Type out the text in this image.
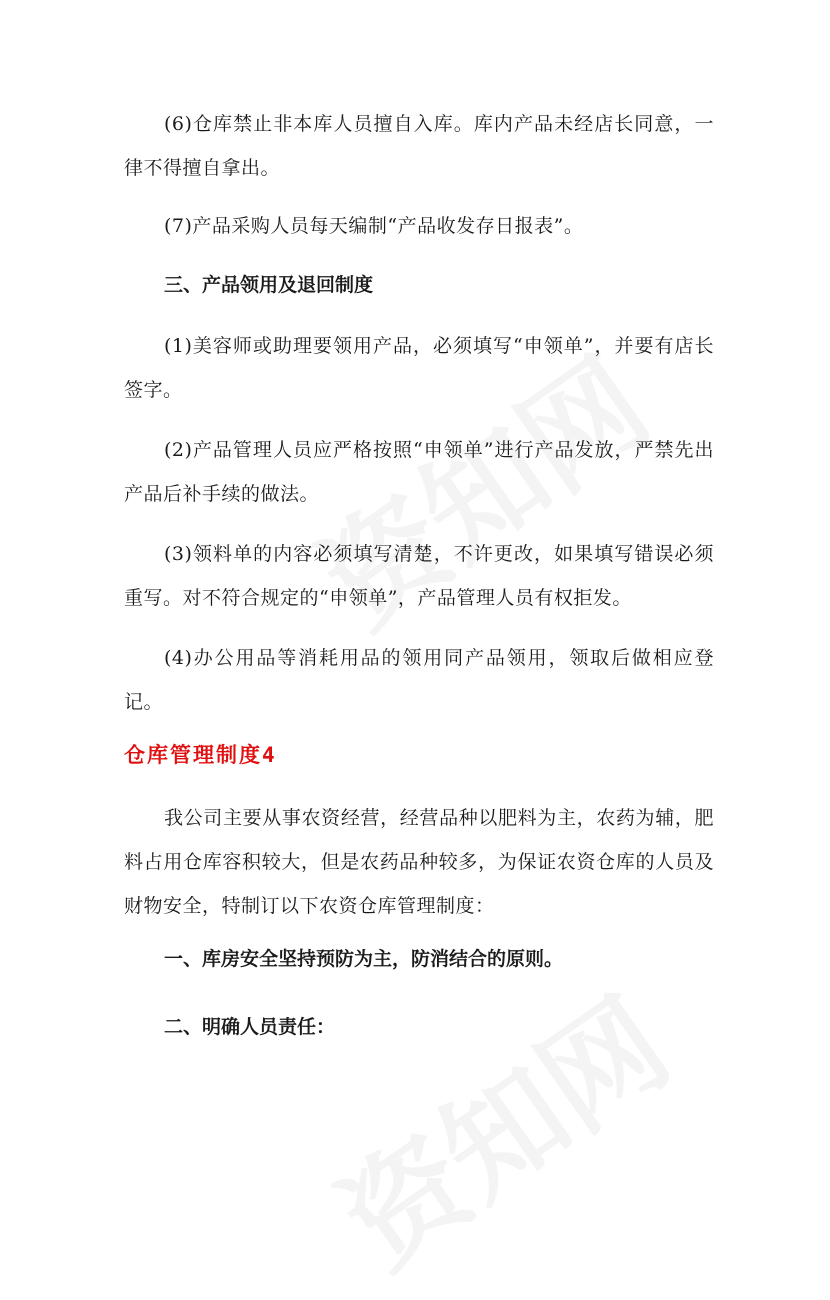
(6)仓库禁止非本库人员擅自入库。库内产品未经店长同意，一律不得擅自拿出。

(7)产品采购人员每天编制“产品收发存日报表”。

三、产品领用及退回制度

(1)美容师或助理要领用产品，必须填写“申领单”，并要有店长签字。

(2)产品管理人员应严格按照“申领单”进行产品发放，严禁先出产品后补手续的做法。

(3)领料单的内容必须填写清楚，不许更改，如果填写错误必须重写。对不符合规定的“申领单”，产品管理人员有权拒发。

(4)办公用品等消耗用品的领用同产品领用，领取后做相应登记。

仓库管理制度4

我公司主要从事农资经营，经营品种以肥料为主，农药为辅，肥料占用仓库容积较大，但是农药品种较多，为保证农资仓库的人员及财物安全，特制订以下农资仓库管理制度：

一、库房安全坚持预防为主，防消结合的原则。
二、明确人员责任：
